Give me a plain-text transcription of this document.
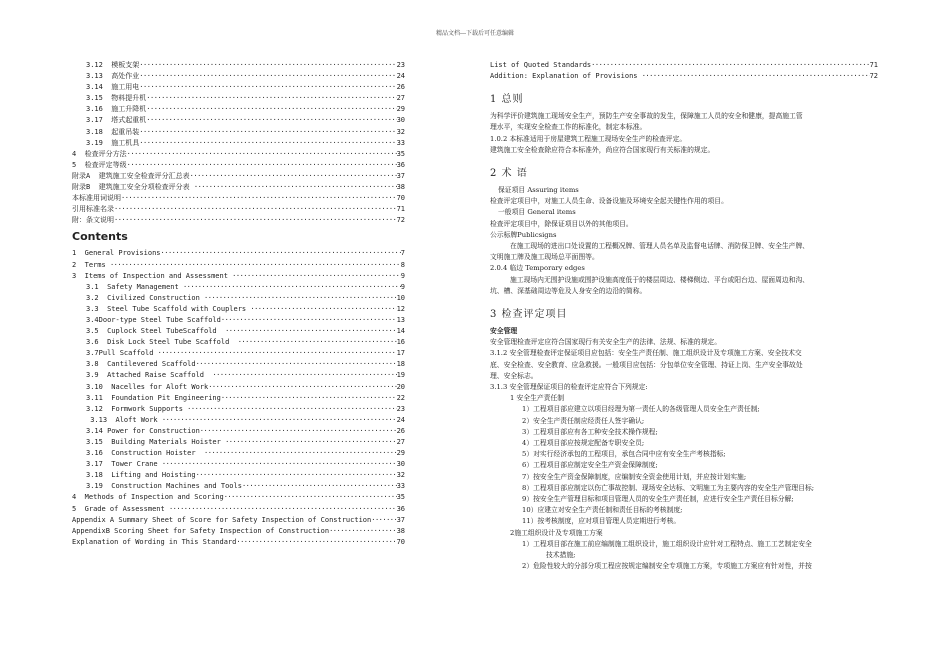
精品文档---下载后可任意编辑
3.12  模板支架 ·····	23
3.13  高处作业 ·····	24
3.14  施工用电 ·····	26
3.15  物料提升机 ·····	27
3.16  施工升降机 ·····	29
3.17  塔式起重机 ·····	30
3.18  起重吊装 ·····	32
3.19  施工机具 ·····	33
4  检查评分方法 ·····	35
5  检查评定等级 ·····	36
附录A  建筑施工安全检查评分汇总表 ·····	37
附录B  建筑施工安全分项检查评分表 ·····	38
本标准用词说明 ·····	70
引用标准名录 ·····	71
附：条文说明 ·····	72
Contents
1  General Provisions ·····	7
2  Terms ·····	8
3  Items of Inspection and Assessment ·····	9
3.1  Safety Management ·····	9
3.2  Civilized Construction ·····	10
3.3  Steel Tube Scaffold with Couplers ·····	12
3.4Door-type Steel Tube Scaffold ·····	13
3.5  Cuplock Steel TubeScaffold ·····	14
3.6  Disk Lock Steel Tube Scaffold ·····	16
3.7Pull Scaffold ·····	17
3.8  Cantilevered Scaffold ·····	18
3.9  Attached Raise Scaffold ·····	19
3.10  Nacelles for Aloft Work ·····	20
3.11  Foundation Pit Engineering ·····	22
3.12  Formwork Supports ·····	23
3.13  Aloft Work ·····	24
3.14 Power for Construction ·····	26
3.15  Building Materials Hoister ·····	27
3.16  Construction Hoister ·····	29
3.17  Tower Crane ·····	30
3.18  Lifting and Hoisting ·····	32
3.19  Construction Machines and Tools ·····	33
4  Methods of Inspection and Scoring ·····	35
5  Grade of Assessment ·····	36
Appendix A Summary Sheet of Score for Safety Inspection of Construction ·····	37
AppendixB Scoring Sheet for Safety Inspection of Construction ·····	38
Explanation of Wording in This Standard ·····	70
List of Quoted Standards ·····	71
Addition: Explanation of Provisions ·····	72
1 总则
为科学评价建筑施工现场安全生产，预防生产安全事故的发生，保障施工人员的安全和健康，提高施工管
理水平，实现安全检查工作的标准化，制定本标准。
1.0.2 本标准适用于房屋建筑工程施工现场安全生产的检查评定。
建筑施工安全检查除应符合本标准外，尚应符合国家现行有关标准的规定。
2 术 语
保证项目 Assuring items
检查评定项目中，对施工人员生命、设备设施及环境安全起关键性作用的项目。
一般项目 General items
检查评定项目中，除保证项目以外的其他项目。
公示标牌Publicsigns
在施工现场的进出口处设置的工程概况牌、管理人员名单及监督电话牌、消防保卫牌、安全生产牌、
文明施工牌及施工现场总平面图等。
2.0.4 临边 Temporary edges
施工现场内无围护设施或围护设施高度低于的楼层周边、楼梯侧边、平台或阳台边、屋面周边和沟、
坑、槽、深基础周边等危及人身安全的边沿的简称。
3 检查评定项目
安全管理
安全管理检查评定应符合国家现行有关安全生产的法律、法规、标准的规定。
3.1.2 安全管理检查评定保证项目应包括：安全生产责任制、施工组织设计及专项施工方案、安全技术交
底、安全检查、安全教育、应急救援。一般项目应包括：分包单位安全管理、持证上岗、生产安全事故处
理、安全标志。
3.1.3 安全管理保证项目的检查评定应符合下列规定:
1 安全生产责任制
1）工程项目部应建立以项目经理为第一责任人的各级管理人员安全生产责任制;
2）安全生产责任制应经责任人签字确认;
3）工程项目部应有各工种安全技术操作规程;
4）工程项目部应按规定配备专职安全员;
5）对实行经济承包的工程项目，承包合同中应有安全生产考核指标;
6）工程项目部应制定安全生产资金保障制度;
7）按安全生产资金保障制度，应编制安全资金使用计划，并应按计划实施;
8）工程项目部应制定以伤亡事故控制、现场安全达标、文明施工为主要内容的安全生产管理目标;
9）按安全生产管理目标和项目管理人员的安全生产责任制，应进行安全生产责任目标分解;
10）应建立对安全生产责任制和责任目标的考核制度;
11）按考核制度，应对项目管理人员定期进行考核。
2施工组织设计及专项施工方案
1）工程项目部在施工前应编制施工组织设计，施工组织设计应针对工程特点、施工工艺制定安全
技术措施;
2）危险性较大的分部分项工程应按规定编制安全专项施工方案，专项施工方案应有针对性，并按
